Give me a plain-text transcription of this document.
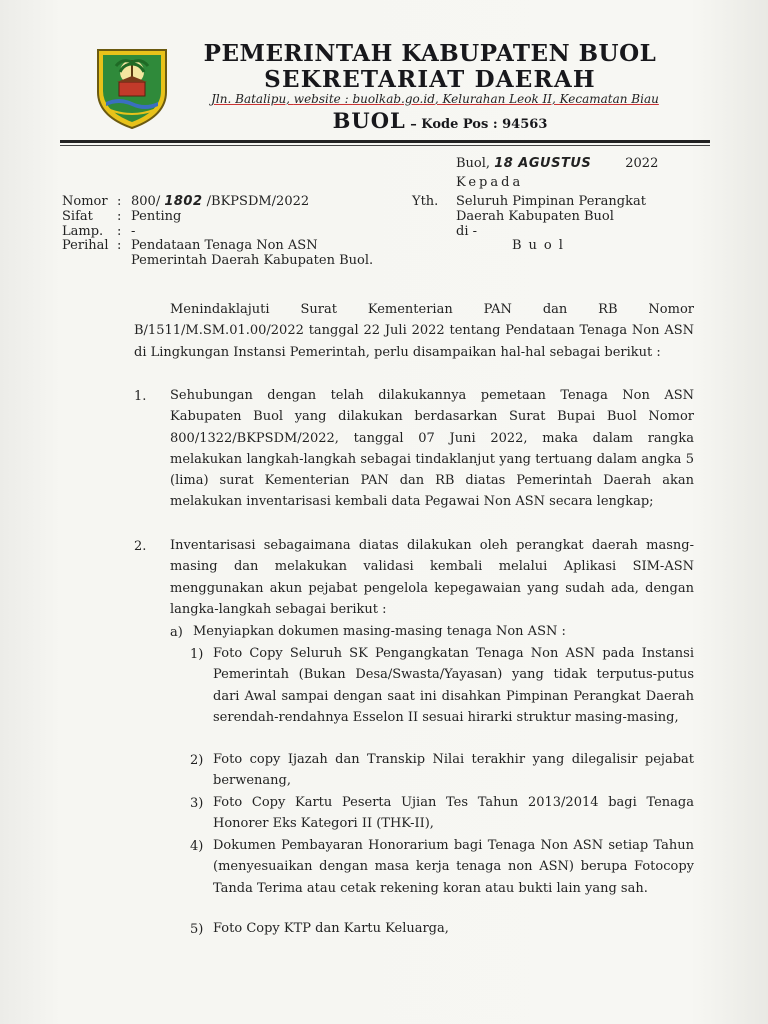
PEMERINTAH KABUPATEN BUOL
SEKRETARIAT DAERAH
Jln. Batalipu, website : buolkab.go.id, Kelurahan Leok II, Kecamatan Biau
BUOL – Kode Pos : 94563
Buol, 18 AGUSTUS	2022
Kepada
Nomor : 800/ 1802 /BKPSDM/2022
Sifat : Penting
Lamp. : -
Perihal : Pendataan Tenaga Non ASN
Pemerintah Daerah Kabupaten Buol.
Yth. Seluruh Pimpinan Perangkat
Daerah Kabupaten Buol
di -
Buol
Menindaklajuti Surat Kementerian PAN dan RB Nomor B/1511/M.SM.01.00/2022 tanggal 22 Juli 2022 tentang Pendataan Tenaga Non ASN di Lingkungan Instansi Pemerintah, perlu disampaikan hal-hal sebagai berikut :
1. Sehubungan dengan telah dilakukannya pemetaan Tenaga Non ASN Kabupaten Buol yang dilakukan berdasarkan Surat Bupai Buol Nomor 800/1322/BKPSDM/2022, tanggal 07 Juni 2022, maka dalam rangka melakukan langkah-langkah sebagai tindaklanjut yang tertuang dalam angka 5 (lima) surat Kementerian PAN dan RB diatas Pemerintah Daerah akan melakukan inventarisasi kembali data Pegawai Non ASN secara lengkap;
2. Inventarisasi sebagaimana diatas dilakukan oleh perangkat daerah masng-masing dan melakukan validasi kembali melalui Aplikasi SIM-ASN menggunakan akun pejabat pengelola kepegawaian yang sudah ada, dengan langka-langkah sebagai berikut :
a) Menyiapkan dokumen masing-masing tenaga Non ASN :
1) Foto Copy Seluruh SK Pengangkatan Tenaga Non ASN pada Instansi Pemerintah (Bukan Desa/Swasta/Yayasan) yang tidak terputus-putus dari Awal sampai dengan saat ini disahkan Pimpinan Perangkat Daerah serendah-rendahnya Esselon II sesuai hirarki struktur masing-masing,
2) Foto copy Ijazah dan Transkip Nilai terakhir yang dilegalisir pejabat berwenang,
3) Foto Copy Kartu Peserta Ujian Tes Tahun 2013/2014 bagi Tenaga Honorer Eks Kategori II (THK-II),
4) Dokumen Pembayaran Honorarium bagi Tenaga Non ASN setiap Tahun (menyesuaikan dengan masa kerja tenaga non ASN) berupa Fotocopy Tanda Terima atau cetak rekening koran atau bukti lain yang sah.
5) Foto Copy KTP dan Kartu Keluarga,
